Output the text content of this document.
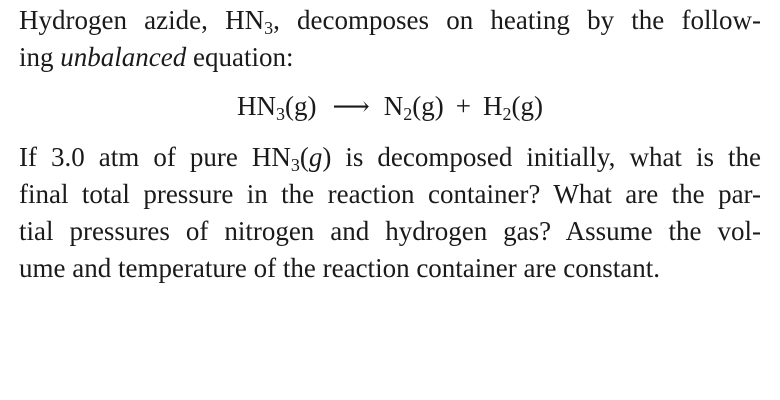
Hydrogen azide, $HN_3$, decomposes on heating by the follow-
ing unbalanced equation:
$HN_3(g)$ ⟶ $N_2(g) + H_2(g)$
If 3.0 atm of pure $HN_3(g)$ is decomposed initially, what is the
final total pressure in the reaction container? What are the par-
tial pressures of nitrogen and hydrogen gas? Assume the vol-
ume and temperature of the reaction container are constant.
